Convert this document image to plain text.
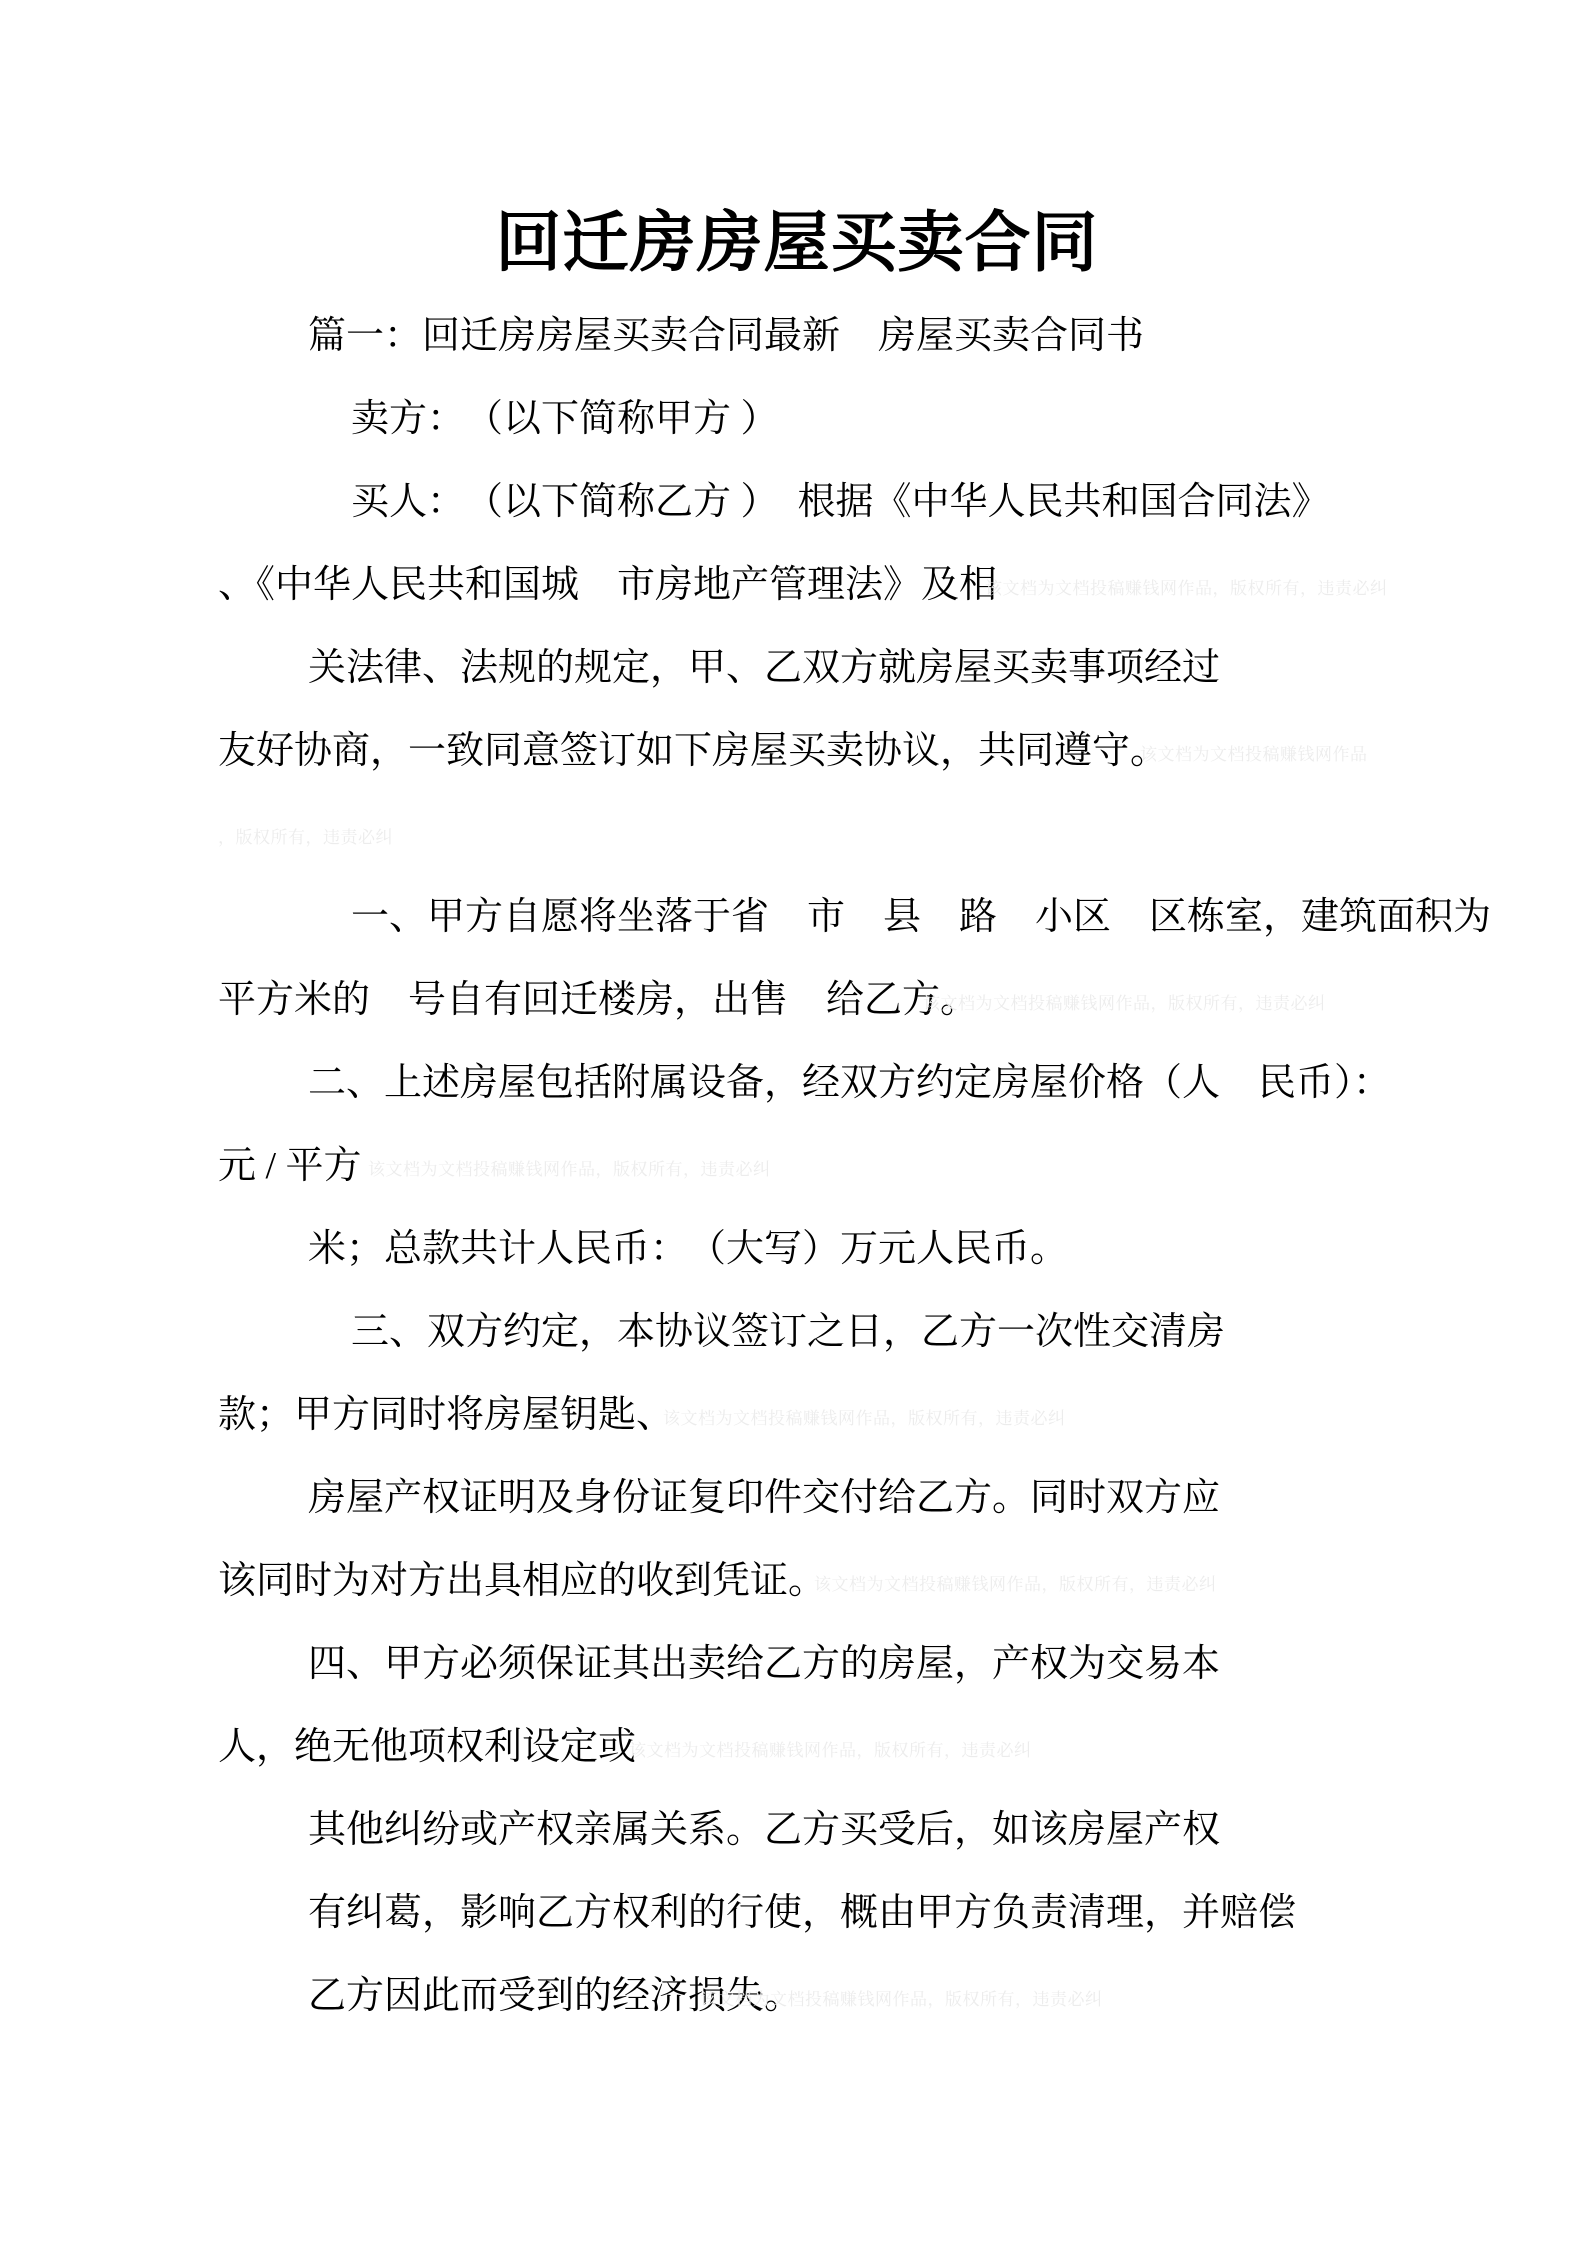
回迁房房屋买卖合同
篇一：回迁房房屋买卖合同最新　房屋买卖合同书
卖方：　（以下简称甲方 ）
买人：　（以下简称乙方 ）　根据《中华人民共和国合同法》
、《中华人民共和国城　市房地产管理法》及相
该文档为文档投稿赚钱网作品，版权所有，违责必纠
关法律、法规的规定，甲、乙双方就房屋买卖事项经过
友好协商，一致同意签订如下房屋买卖协议，共同遵守。
该文档为文档投稿赚钱网作品
，版权所有，违责必纠
一、甲方自愿将坐落于省　市　县　路　小区　区栋室，建筑面积为
平方米的　号自有回迁楼房，出售　给乙方。
该文档为文档投稿赚钱网作品，版权所有，违责必纠
二、上述房屋包括附属设备，经双方约定房屋价格（人　民币）：
元 / 平方 该文档为文档投稿赚钱网作品，版权所有，违责必纠
米；总款共计人民币：　（大写）万元人民币。
三、双方约定，本协议签订之日，乙方一次性交清房
款；甲方同时将房屋钥匙、
该文档为文档投稿赚钱网作品，版权所有，违责必纠
房屋产权证明及身份证复印件交付给乙方。同时双方应
该同时为对方出具相应的收到凭证。
该文档为文档投稿赚钱网作品，版权所有，违责必纠
四、甲方必须保证其出卖给乙方的房屋，产权为交易本
人，绝无他项权利设定或
该文档为文档投稿赚钱网作品，版权所有，违责必纠
其他纠纷或产权亲属关系。乙方买受后，如该房屋产权
有纠葛，影响乙方权利的行使，概由甲方负责清理，并赔偿
乙方因此而受到的经济损失。
该文档为文档投稿赚钱网作品，版权所有，违责必纠
